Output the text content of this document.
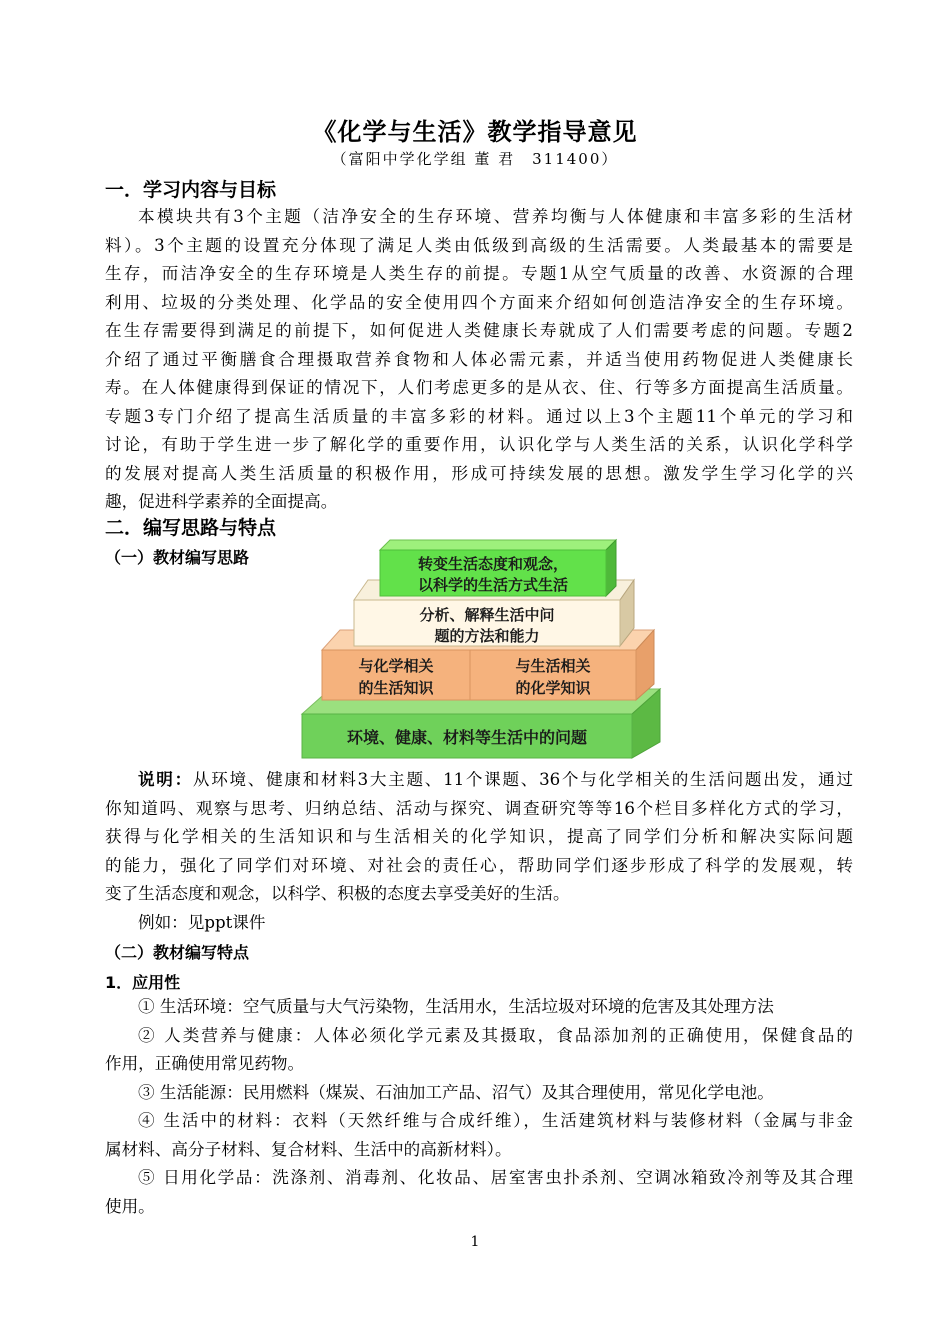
《化学与生活》教学指导意见
（富阳中学化学组 董 君　311400）
一．学习内容与目标
本模块共有3个主题（洁净安全的生存环境、营养均衡与人体健康和丰富多彩的生活材
料）。3个主题的设置充分体现了满足人类由低级到高级的生活需要。人类最基本的需要是
生存，而洁净安全的生存环境是人类生存的前提。专题1从空气质量的改善、水资源的合理
利用、垃圾的分类处理、化学品的安全使用四个方面来介绍如何创造洁净安全的生存环境。
在生存需要得到满足的前提下，如何促进人类健康长寿就成了人们需要考虑的问题。专题2
介绍了通过平衡膳食合理摄取营养食物和人体必需元素，并适当使用药物促进人类健康长
寿。在人体健康得到保证的情况下，人们考虑更多的是从衣、住、行等多方面提高生活质量。
专题3专门介绍了提高生活质量的丰富多彩的材料。通过以上3个主题11个单元的学习和
讨论，有助于学生进一步了解化学的重要作用，认识化学与人类生活的关系，认识化学科学
的发展对提高人类生活质量的积极作用，形成可持续发展的思想。激发学生学习化学的兴
趣，促进科学素养的全面提高。
二．编写思路与特点
（一）教材编写思路
环境、健康、材料等生活中的问题
与化学相关
的生活知识
与生活相关
的化学知识
分析、解释生活中问
题的方法和能力
转变生活态度和观念，
以科学的生活方式生活
说明：从环境、健康和材料3大主题、11个课题、36个与化学相关的生活问题出发，通过
你知道吗、观察与思考、归纳总结、活动与探究、调查研究等等16个栏目多样化方式的学习，
获得与化学相关的生活知识和与生活相关的化学知识，提高了同学们分析和解决实际问题
的能力，强化了同学们对环境、对社会的责任心，帮助同学们逐步形成了科学的发展观，转
变了生活态度和观念，以科学、积极的态度去享受美好的生活。
例如：见ppt课件
（二）教材编写特点
1．应用性
① 生活环境：空气质量与大气污染物，生活用水，生活垃圾对环境的危害及其处理方法
② 人类营养与健康：人体必须化学元素及其摄取，食品添加剂的正确使用，保健食品的
作用，正确使用常见药物。
③ 生活能源：民用燃料（煤炭、石油加工产品、沼气）及其合理使用，常见化学电池。
④ 生活中的材料：衣料（天然纤维与合成纤维），生活建筑材料与装修材料（金属与非金
属材料、高分子材料、复合材料、生活中的高新材料）。
⑤ 日用化学品：洗涤剂、消毒剂、化妆品、居室害虫扑杀剂、空调冰箱致冷剂等及其合理
使用。
1
